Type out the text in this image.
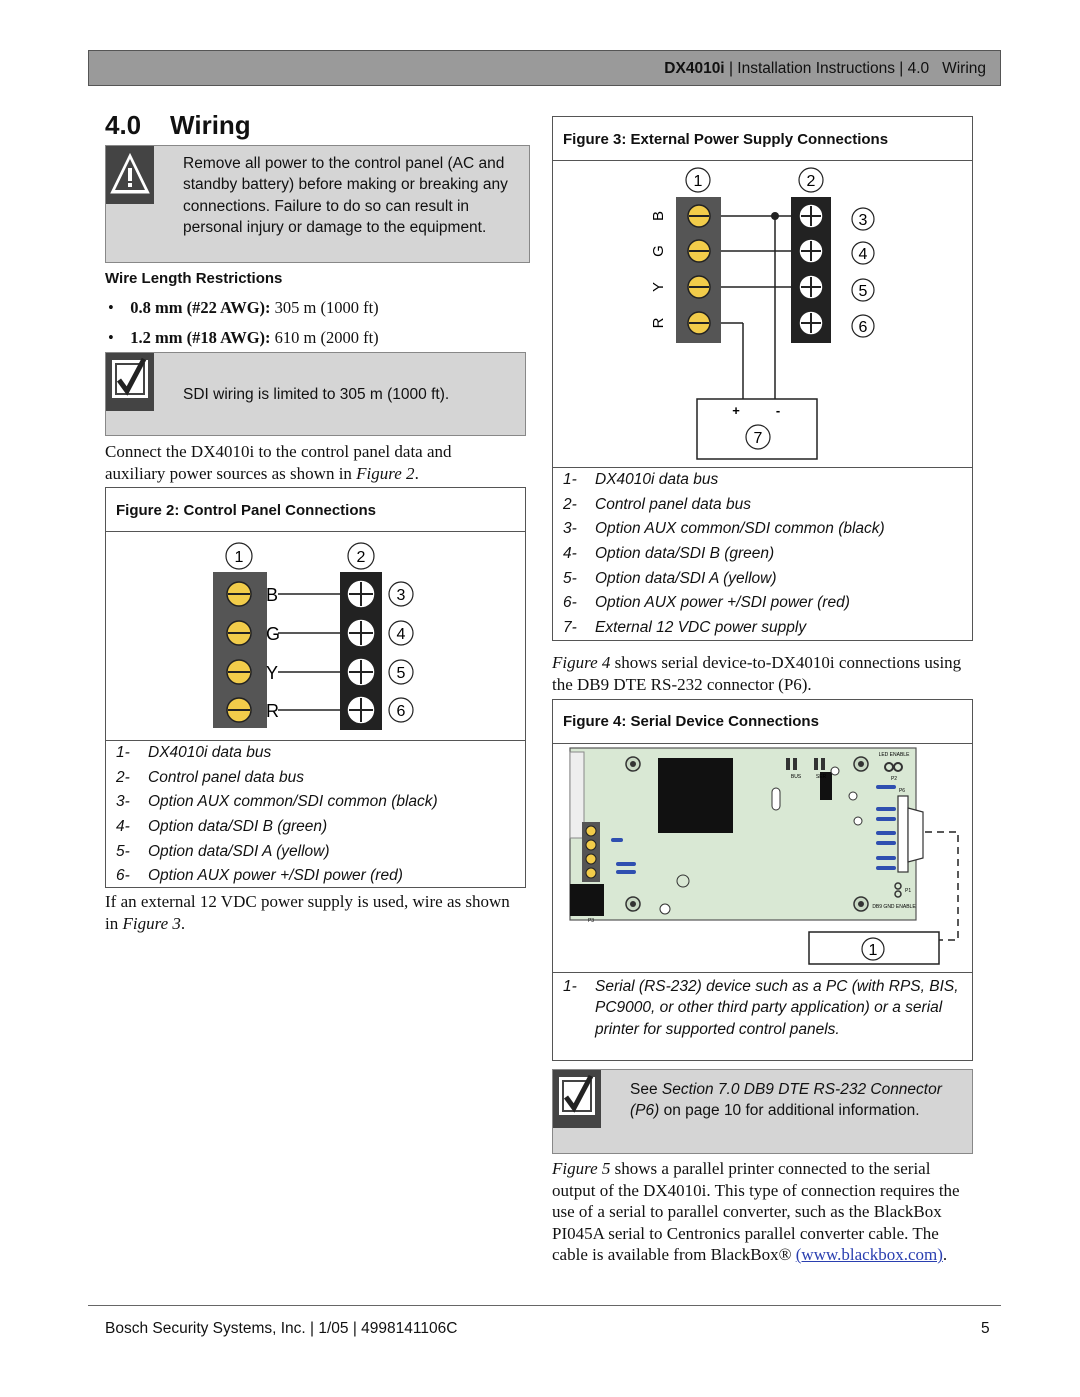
DX4010i | Installation Instructions | 4.0 Wiring
4.0    Wiring
Remove all power to the control panel (AC and standby battery) before making or breaking any connections. Failure to do so can result in personal injury or damage to the equipment.
Wire Length Restrictions
•    0.8 mm (#22 AWG): 305 m (1000 ft)
•    1.2 mm (#18 AWG): 610 m (2000 ft)
SDI wiring is limited to 305 m (1000 ft).
Connect the DX4010i to the control panel data and auxiliary power sources as shown in Figure 2.
Figure 2: Control Panel Connections
1	2
B
G
Y
R
3
4
5
6
1- DX4010i data bus
2- Control panel data bus
3- Option AUX common/SDI common (black)
4- Option data/SDI B (green)
5- Option data/SDI A (yellow)
6- Option AUX power +/SDI power (red)
If an external 12 VDC power supply is used, wire as shown in Figure 3.
Figure 3: External Power Supply Connections
1	2
B
G
Y
R
3
4
5
6
+	-
7
1- DX4010i data bus
2- Control panel data bus
3- Option AUX common/SDI common (black)
4- Option data/SDI B (green)
5- Option data/SDI A (yellow)
6- Option AUX power +/SDI power (red)
7- External 12 VDC power supply
Figure 4 shows serial device-to-DX4010i connections using the DB9 DTE RS-232 connector (P6).
Figure 4: Serial Device Connections
BUS	SER
P3
LED ENABLE
P2
P6
P1
DB9 GND ENABLE
1
1-	Serial (RS-232) device such as a PC (with RPS, BIS, PC9000, or other third party application) or a serial printer for supported control panels.
See Section 7.0 DB9 DTE RS-232 Connector (P6) on page 10 for additional information.
Figure 5 shows a parallel printer connected to the serial output of the DX4010i. This type of connection requires the use of a serial to parallel converter, such as the BlackBox PI045A serial to Centronics parallel converter cable. The cable is available from BlackBox® (www.blackbox.com).
Bosch Security Systems, Inc. | 1/05 | 4998141106C	5
